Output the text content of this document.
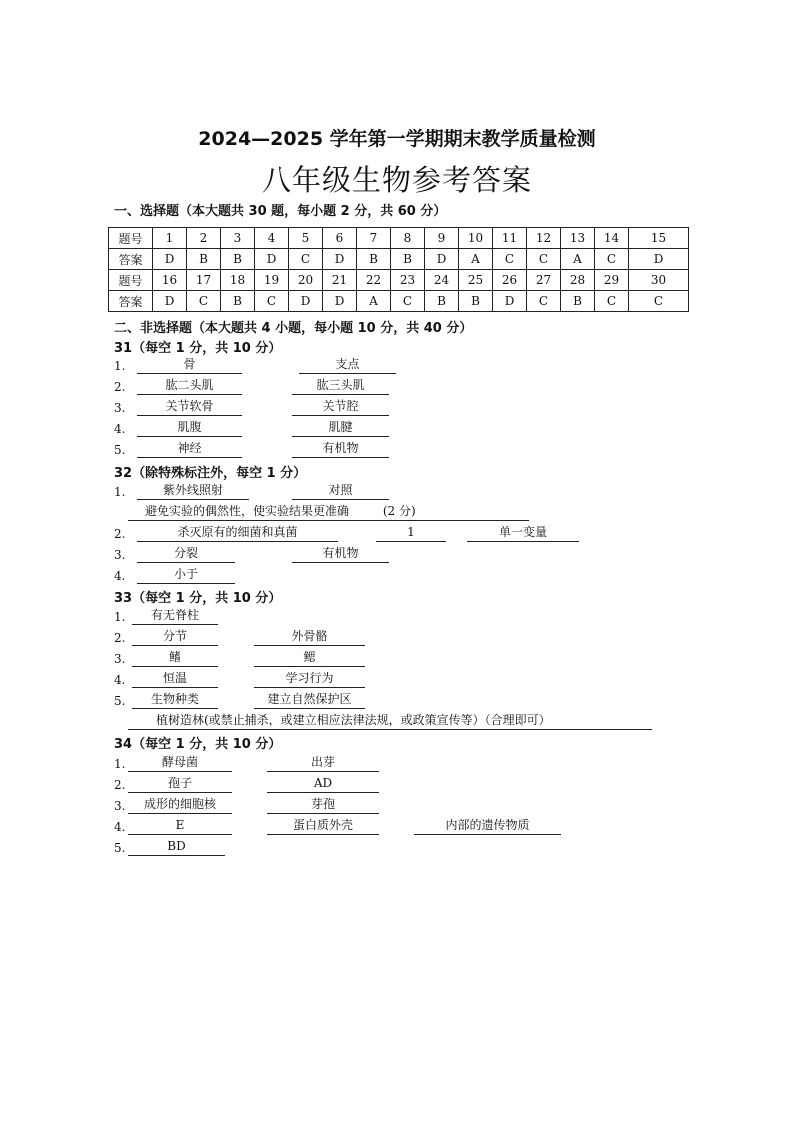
2024—2025 学年第一学期期末教学质量检测
八年级生物参考答案
一、选择题（本大题共 30 题，每小题 2 分，共 60 分）
题号	1	2	3	4	5	6	7	8	9	10	11	12	13	14	15
答案	D	B	B	D	C	D	B	B	D	A	C	C	A	C	D
题号	16	17	18	19	20	21	22	23	24	25	26	27	28	29	30
答案	D	C	B	C	D	D	A	C	B	B	D	C	B	C	C
二、非选择题（本大题共 4 小题，每小题 10 分，共 40 分）
31（每空 1 分，共 10 分）
1.	骨	支点
2.	肱二头肌	肱三头肌
3.	关节软骨	关节腔
4.	肌腹	肌腱
5.	神经	有机物
32（除特殊标注外，每空 1 分）
1.	紫外线照射	对照
避免实验的偶然性，使实验结果更准确	(2 分)
2.	杀灭原有的细菌和真菌	1	单一变量
3.	分裂	有机物
4.	小于
33（每空 1 分，共 10 分）
1.	有无脊柱
2.	分节	外骨骼
3.	鳍	鳃
4.	恒温	学习行为
5.	生物种类	建立自然保护区
植树造林(或禁止捕杀，或建立相应法律法规，或政策宣传等）（合理即可）
34（每空 1 分，共 10 分）
1.	酵母菌	出芽
2.	孢子	AD
3.	成形的细胞核	芽孢
4.	E	蛋白质外壳	内部的遗传物质
5.	BD
